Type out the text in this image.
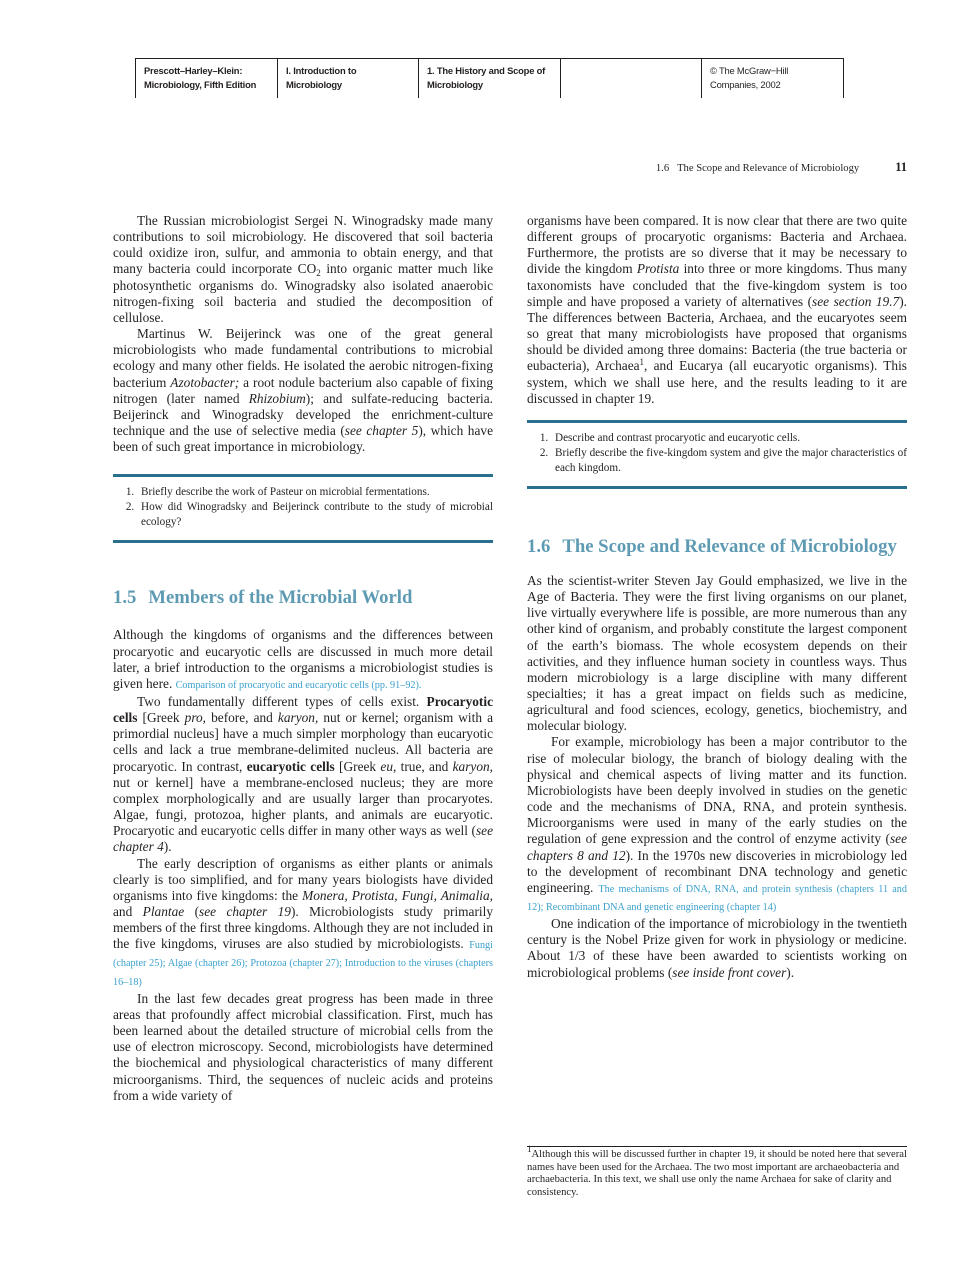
Prescott–Harley–Klein:
Microbiology, Fifth Edition
I. Introduction to
Microbiology
1. The History and Scope of
Microbiology
© The McGraw−Hill
Companies, 2002
1.6 The Scope and Relevance of Microbiology	11

The Russian microbiologist Sergei N. Winogradsky made many contributions to soil microbiology. He discovered that soil bacteria could oxidize iron, sulfur, and ammonia to obtain energy, and that many bacteria could incorporate $CO_2$ into organic matter much like photosynthetic organisms do. Winogradsky also isolated anaerobic nitrogen-fixing soil bacteria and studied the decomposition of cellulose.

Martinus W. Beijerinck was one of the great general microbiologists who made fundamental contributions to microbial ecology and many other fields. He isolated the aerobic nitrogen-fixing bacterium Azotobacter; a root nodule bacterium also capable of fixing nitrogen (later named Rhizobium); and sulfate-reducing bacteria. Beijerinck and Winogradsky developed the enrichment-culture technique and the use of selective media (see chapter 5), which have been of such great importance in microbiology.

1. Briefly describe the work of Pasteur on microbial fermentations.
2. How did Winogradsky and Beijerinck contribute to the study of microbial ecology?
1.5 Members of the Microbial World

Although the kingdoms of organisms and the differences between procaryotic and eucaryotic cells are discussed in much more detail later, a brief introduction to the organisms a microbiologist studies is given here. Comparison of procaryotic and eucaryotic cells (pp. 91–92).

Two fundamentally different types of cells exist. Procaryotic cells [Greek pro, before, and karyon, nut or kernel; organism with a primordial nucleus] have a much simpler morphology than eucaryotic cells and lack a true membrane-delimited nucleus. All bacteria are procaryotic. In contrast, eucaryotic cells [Greek eu, true, and karyon, nut or kernel] have a membrane-enclosed nucleus; they are more complex morphologically and are usually larger than procaryotes. Algae, fungi, protozoa, higher plants, and animals are eucaryotic. Procaryotic and eucaryotic cells differ in many other ways as well (see chapter 4).

The early description of organisms as either plants or animals clearly is too simplified, and for many years biologists have divided organisms into five kingdoms: the Monera, Protista, Fungi, Animalia, and Plantae (see chapter 19). Microbiologists study primarily members of the first three kingdoms. Although they are not included in the five kingdoms, viruses are also studied by microbiologists. Fungi (chapter 25); Algae (chapter 26); Protozoa (chapter 27); Introduction to the viruses (chapters 16–18)

In the last few decades great progress has been made in three areas that profoundly affect microbial classification. First, much has been learned about the detailed structure of microbial cells from the use of electron microscopy. Second, microbiologists have determined the biochemical and physiological characteristics of many different microorganisms. Third, the sequences of nucleic acids and proteins from a wide variety of

organisms have been compared. It is now clear that there are two quite different groups of procaryotic organisms: Bacteria and Archaea. Furthermore, the protists are so diverse that it may be necessary to divide the kingdom Protista into three or more kingdoms. Thus many taxonomists have concluded that the five-kingdom system is too simple and have proposed a variety of alternatives (see section 19.7). The differences between Bacteria, Archaea, and the eucaryotes seem so great that many microbiologists have proposed that organisms should be divided among three domains: Bacteria (the true bacteria or eubacteria), Archaea$^1$, and Eucarya (all eucaryotic organisms). This system, which we shall use here, and the results leading to it are discussed in chapter 19.

1. Describe and contrast procaryotic and eucaryotic cells.
2. Briefly describe the five-kingdom system and give the major characteristics of each kingdom.
1.6 The Scope and Relevance of Microbiology

As the scientist-writer Steven Jay Gould emphasized, we live in the Age of Bacteria. They were the first living organisms on our planet, live virtually everywhere life is possible, are more numerous than any other kind of organism, and probably constitute the largest component of the earth’s biomass. The whole ecosystem depends on their activities, and they influence human society in countless ways. Thus modern microbiology is a large discipline with many different specialties; it has a great impact on fields such as medicine, agricultural and food sciences, ecology, genetics, biochemistry, and molecular biology.

For example, microbiology has been a major contributor to the rise of molecular biology, the branch of biology dealing with the physical and chemical aspects of living matter and its function. Microbiologists have been deeply involved in studies on the genetic code and the mechanisms of DNA, RNA, and protein synthesis. Microorganisms were used in many of the early studies on the regulation of gene expression and the control of enzyme activity (see chapters 8 and 12). In the 1970s new discoveries in microbiology led to the development of recombinant DNA technology and genetic engineering. The mechanisms of DNA, RNA, and protein synthesis (chapters 11 and 12); Recombinant DNA and genetic engineering (chapter 14)

One indication of the importance of microbiology in the twentieth century is the Nobel Prize given for work in physiology or medicine. About 1/3 of these have been awarded to scientists working on microbiological problems (see inside front cover).

$^1$Although this will be discussed further in chapter 19, it should be noted here that several names have been used for the Archaea. The two most important are archaeobacteria and archaebacteria. In this text, we shall use only the name Archaea for sake of clarity and consistency.
